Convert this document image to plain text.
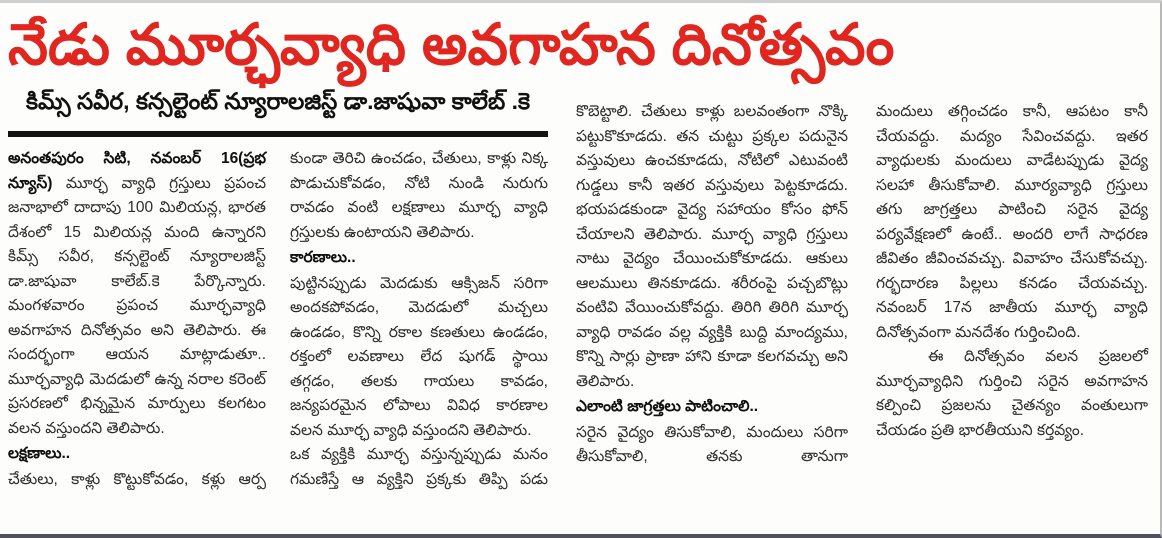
నేడు మూర్ఛవ్యాధి అవగాహన దినోత్సవం
కిమ్స్ సవీర, కన్సల్టెంట్ న్యూరాలజిస్ట్ డా.జాషువా కాలేబ్ .కె

అనంతపురం సిటి, నవంబర్ 16(ప్రభ న్యూస్) మూర్ఛ వ్యాధి గ్రస్తులు ప్రపంచ జనాభాలో దాదాపు 100 మిలియన్ల, భారత దేశంలో 15 మిలియన్ల మంది ఉన్నారని కిమ్స్ సవీర, కన్సల్టెంట్ న్యూరాలజిస్ట్ డా.జాషువా కాలేబ్.కె పేర్కొన్నారు. మంగళవారం ప్రపంచ మూర్ఛవ్యాధి అవగాహన దినోత్సవం అని తెలిపారు. ఈ సందర్భంగా ఆయన మాట్లాడుతూ.. మూర్ఛవ్యాధి మెదడులో ఉన్న నరాల కరెంట్ ప్రసరణలో భిన్నమైన మార్పులు కలగటం వలన వస్తుందని తెలిపారు.

లక్షణాలు..

చేతులు, కాళ్లు కొట్టుకోవడం, కళ్లు ఆర్ప

కుండా తెరిచి ఉంచడం, చేతులు, కాళ్లు నిక్క పొడుచుకోవడం, నోటి నుండి నురుగు రావడం వంటి లక్షణాలు మూర్ఛ వ్యాధి గ్రస్తులకు ఉంటాయని తెలిపారు.

కారణాలు..

పుట్టినప్పుడు మెదడుకు ఆక్సిజన్ సరిగా అందకపోవడం, మెదడులో మచ్చలు ఉండడం, కొన్ని రకాల కణతులు ఉండడం, రక్తంలో లవణాలు లేద షుగడ్ స్థాయి తగ్గడం, తలకు గాయలు కావడం, జన్యపరమైన లోపాలు వివిధ కారణాల వలన మూర్ఛ వ్యాధి వస్తుందని తెలిపారు.

ఒక వ్యక్తికి మూర్ఛ వస్తున్నప్పుడు మనం గమణిస్తే ఆ వ్యక్తిని ప్రక్కకు తిప్పి పడు

కొబెట్టాలి. చేతులు కాళ్లు బలవంతంగా నొక్కి పట్టుకొకూడదు. తన చుట్టు ప్రక్కల పదునైన వస్తువులు ఉంచకూడదు, నోటిలో ఎటువంటి గుడ్డలు కానీ ఇతర వస్తువులు పెట్టకూడదు. భయపడకుండా వైద్య సహాయం కోసం ఫోన్ చేయాలని తెలిపారు. మూర్ఛ వ్యాధి గ్రస్తులు నాటు వైద్యం చేయించుకోకూడదు. ఆకులు ఆలములు తినకూడదు. శరీరంపై పచ్చబొట్లు వంటివి వేయించుకోవద్దు. తిరిగి తిరిగి మూర్ఛ వ్యాధి రావడం వల్ల వ్యక్తికి బుద్ది మాంద్యము, కొన్ని సార్లు ప్రాణా హాని కూడా కలగవచ్చు అని తెలిపారు.

ఎలాంటి జాగ్రత్తలు పాటించాలి..

సరైన వైద్యం తిసుకోవాలి, మందులు సరిగా తీసుకోవాలి, తనకు తానుగా

మందులు తగ్గించడం కానీ, ఆపటం కానీ చేయవద్దు. మద్యం సేవించవద్దు. ఇతర వ్యాధులకు మందులు వాడేటప్పుడు వైద్య సలహా తీసుకోవాలి. మూర్యవ్యాధి గ్రస్తులు తగు జాగ్రత్తలు పాటించి సరైన వైద్య పర్యవేక్షణలో ఉంటే.. అందరి లాగే సాధరణ జీవితం జీవించవచ్చు. వివాహం చేసుకోవచ్చు. గర్భదారణ పిల్లలు కనడం చేయవచ్చు. నవంబర్ 17న జాతీయ మూర్ఛ వ్యాధి దినోత్సవంగా మనదేశం గుర్తించింది.

ఈ దినోత్సవం వలన ప్రజలలో మూర్ఛవ్యాధిని గుర్తించి సరైన అవగాహన కల్పించి ప్రజలను చైతన్యం వంతులుగా చేయడం ప్రతి భారతీయుని కర్తవ్యం.
